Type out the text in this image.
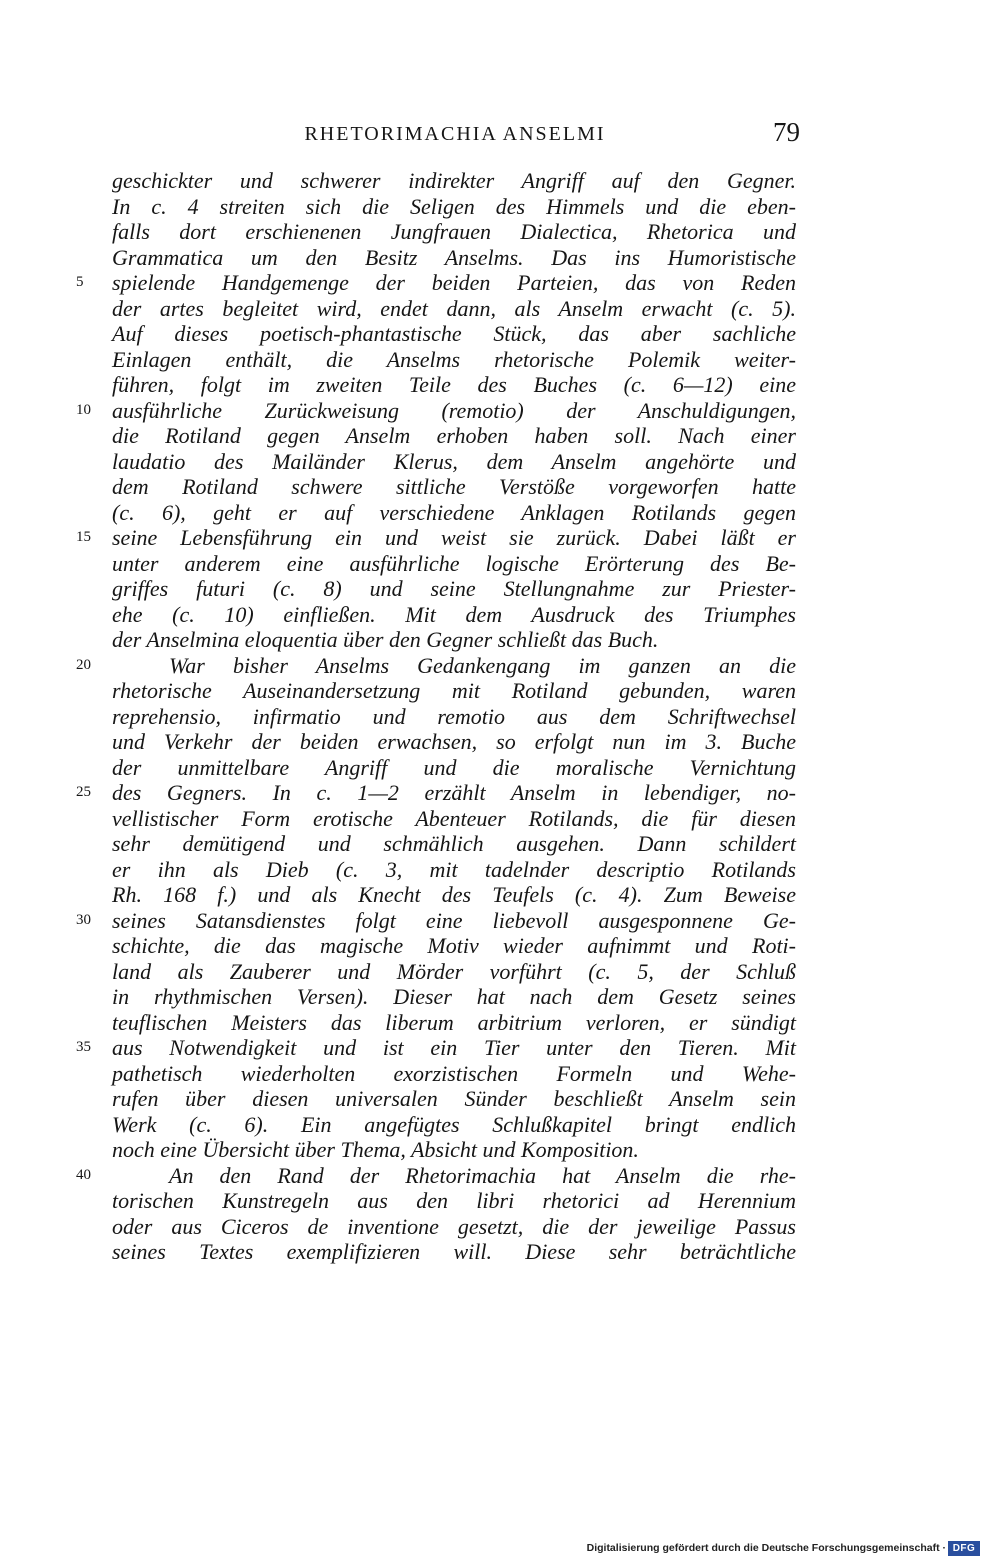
RHETORIMACHIA ANSELMI	79
geschickter und schwerer indirekter Angriff auf den Gegner.
In c. 4 streiten sich die Seligen des Himmels und die eben-
falls dort erschienenen Jungfrauen Dialectica, Rhetorica und
Grammatica um den Besitz Anselms. Das ins Humoristische
5	spielende Handgemenge der beiden Parteien, das von Reden
der artes begleitet wird, endet dann, als Anselm erwacht (c. 5).
Auf dieses poetisch-phantastische Stück, das aber sachliche
Einlagen enthält, die Anselms rhetorische Polemik weiter-
führen, folgt im zweiten Teile des Buches (c. 6—12) eine
10 ausführliche Zurückweisung (remotio) der Anschuldigungen,
die Rotiland gegen Anselm erhoben haben soll. Nach einer
laudatio des Mailänder Klerus, dem Anselm angehörte und
dem Rotiland schwere sittliche Verstöße vorgeworfen hatte
(c. 6), geht er auf verschiedene Anklagen Rotilands gegen
15 seine Lebensführung ein und weist sie zurück. Dabei läßt er
unter anderem eine ausführliche logische Erörterung des Be-
griffes futuri (c. 8) und seine Stellungnahme zur Priester-
ehe (c. 10) einfließen. Mit dem Ausdruck des Triumphes
der Anselmina eloquentia über den Gegner schließt das Buch.
20	War bisher Anselms Gedankengang im ganzen an die
rhetorische Auseinandersetzung mit Rotiland gebunden, waren
reprehensio, infirmatio und remotio aus dem Schriftwechsel
und Verkehr der beiden erwachsen, so erfolgt nun im 3. Buche
der unmittelbare Angriff und die moralische Vernichtung
25 des Gegners. In c. 1—2 erzählt Anselm in lebendiger, no-
vellistischer Form erotische Abenteuer Rotilands, die für diesen
sehr demütigend und schmählich ausgehen. Dann schildert
er ihn als Dieb (c. 3, mit tadelnder descriptio Rotilands
Rh. 168 f.) und als Knecht des Teufels (c. 4). Zum Beweise
30 seines Satansdienstes folgt eine liebevoll ausgesponnene Ge-
schichte, die das magische Motiv wieder aufnimmt und Roti-
land als Zauberer und Mörder vorführt (c. 5, der Schluß
in rhythmischen Versen). Dieser hat nach dem Gesetz seines
teuflischen Meisters das liberum arbitrium verloren, er sündigt
35 aus Notwendigkeit und ist ein Tier unter den Tieren. Mit
pathetisch wiederholten exorzistischen Formeln und Wehe-
rufen über diesen universalen Sünder beschließt Anselm sein
Werk (c. 6). Ein angefügtes Schlußkapitel bringt endlich
noch eine Übersicht über Thema, Absicht und Komposition.
40	An den Rand der Rhetorimachia hat Anselm die rhe-
torischen Kunstregeln aus den libri rhetorici ad Herennium
oder aus Ciceros de inventione gesetzt, die der jeweilige Passus
seines Textes exemplifizieren will. Diese sehr beträchtliche
Digitalisierung gefördert durch die Deutsche Forschungsgemeinschaft · DFG
